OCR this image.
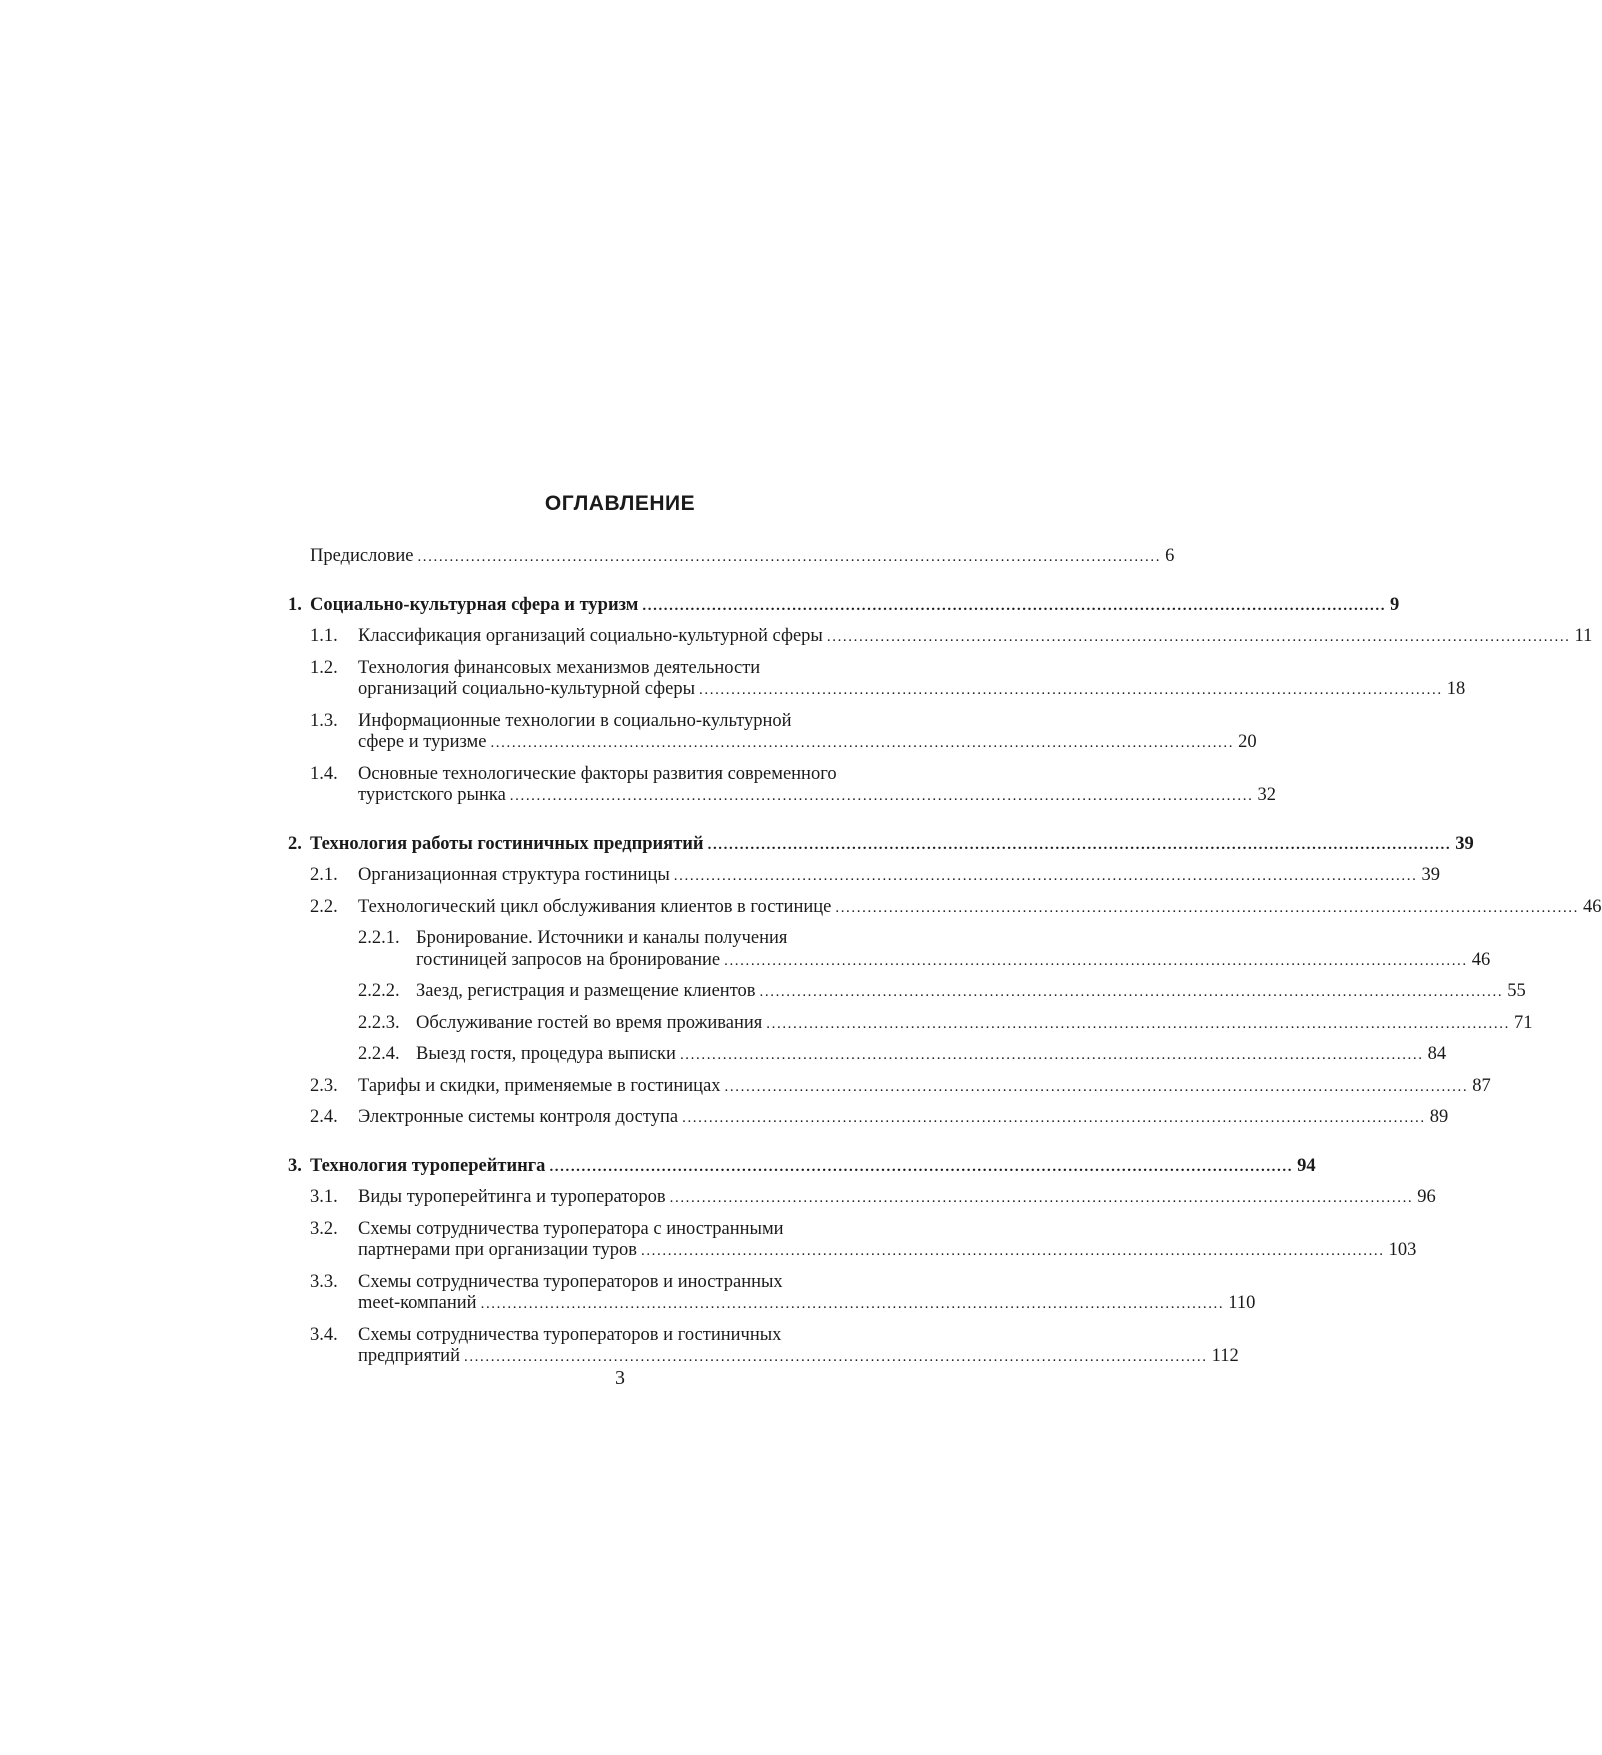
ОГЛАВЛЕНИЕ
Предисловие ........................................................................................................................................... 6
1. Социально-культурная сфера и туризм ........................................................................................................................................... 9
1.1.	Классификация организаций социально-культурной сферы ........................................................................................................................................... 11
1.2.	Технология финансовых механизмов деятельности
организаций социально-культурной сферы ........................................................................................................................................... 18
1.3.	Информационные технологии в социально-культурной
сфере и туризме ........................................................................................................................................... 20
1.4.	Основные технологические факторы развития современного
туристского рынка ........................................................................................................................................... 32
2. Технология работы гостиничных предприятий ........................................................................................................................................... 39
2.1.	Организационная структура гостиницы ........................................................................................................................................... 39
2.2.	Технологический цикл обслуживания клиентов в гостинице ........................................................................................................................................... 46
2.2.1. Бронирование. Источники и каналы получения
гостиницей запросов на бронирование ........................................................................................................................................... 46
2.2.2. Заезд, регистрация и размещение клиентов ........................................................................................................................................... 55
2.2.3. Обслуживание гостей во время проживания ........................................................................................................................................... 71
2.2.4. Выезд гостя, процедура выписки ........................................................................................................................................... 84
2.3.	Тарифы и скидки, применяемые в гостиницах ........................................................................................................................................... 87
2.4.	Электронные системы контроля доступа ........................................................................................................................................... 89
3. Технология туроперейтинга ........................................................................................................................................... 94
3.1.	Виды туроперейтинга и туроператоров ........................................................................................................................................... 96
3.2.	Схемы сотрудничества туроператора с иностранными
партнерами при организации туров ........................................................................................................................................... 103
3.3.	Схемы сотрудничества туроператоров и иностранных
meet-компаний ........................................................................................................................................... 110
3.4.	Схемы сотрудничества туроператоров и гостиничных
предприятий ........................................................................................................................................... 112

3
